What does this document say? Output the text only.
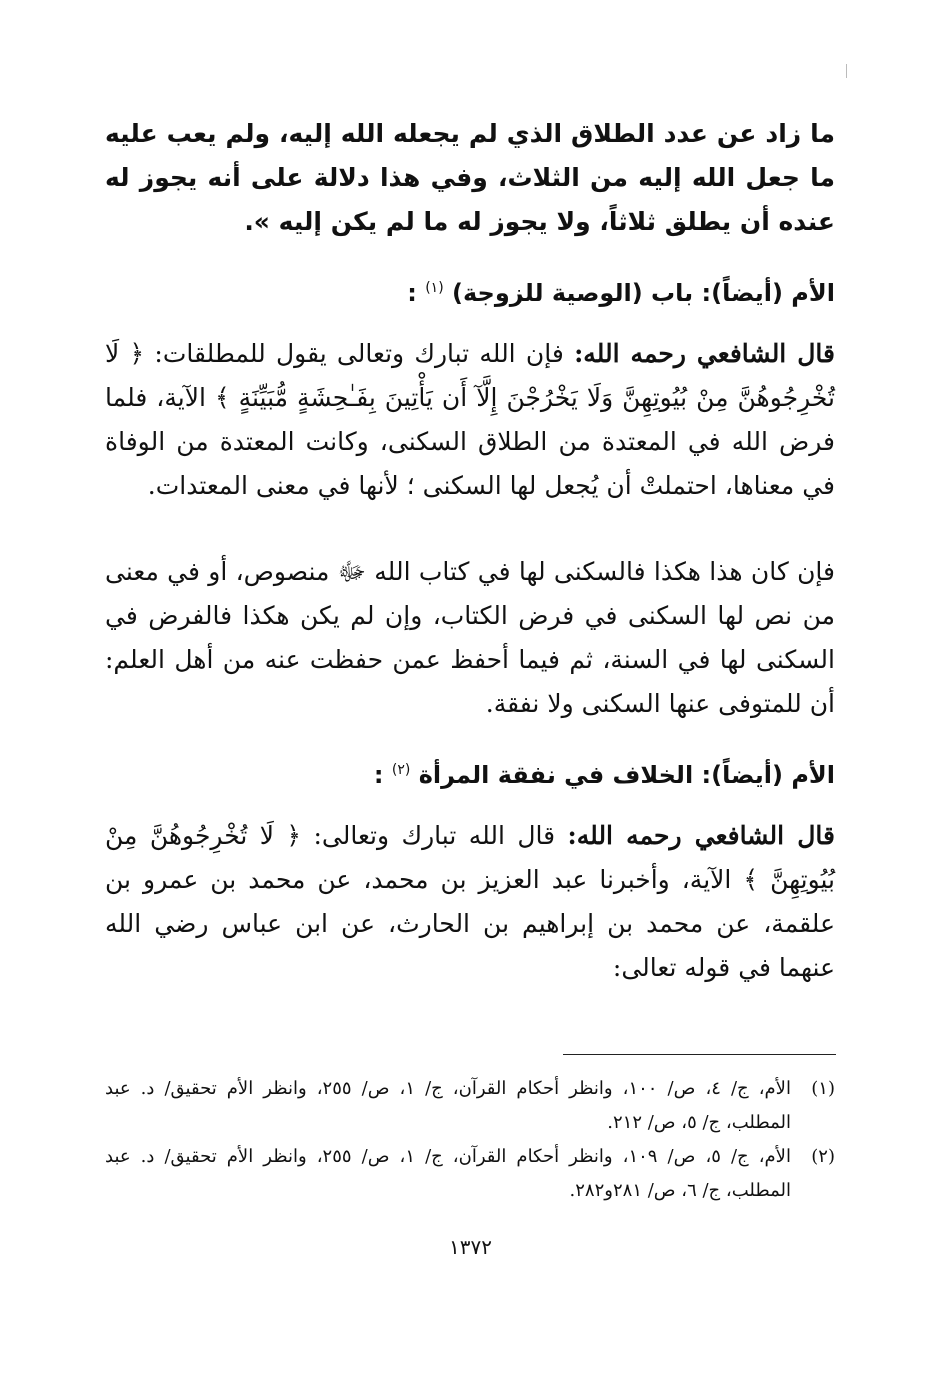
ما زاد عن عدد الطلاق الذي لم يجعله الله إليه، ولم يعب عليه ما جعل الله إليه من الثلاث، وفي هذا دلالة على أنه يجوز له عنده أن يطلق ثلاثاً، ولا يجوز له ما لم يكن إليه ».

الأم (أيضاً): باب (الوصية للزوجة) $^{(١)}$ :

قال الشافعي رحمه الله: فإن الله تبارك وتعالى يقول للمطلقات: ﴿ لَا تُخْرِجُوهُنَّ مِنْ بُيُوتِهِنَّ وَلَا يَخْرُجْنَ إِلَّآ أَن يَأْتِينَ بِفَـٰحِشَةٍ مُّبَيِّنَةٍ ﴾ الآية، فلما فرض الله في المعتدة من الطلاق السكنى، وكانت المعتدة من الوفاة في معناها، احتملتْ أن يُجعل لها السكنى ؛ لأنها في معنى المعتدات.

فإن كان هذا هكذا فالسكنى لها في كتاب الله ﷻ منصوص، أو في معنى من نص لها السكنى في فرض الكتاب، وإن لم يكن هكذا فالفرض في السكنى لها في السنة، ثم فيما أحفظ عمن حفظت عنه من أهل العلم: أن للمتوفى عنها السكنى ولا نفقة.

الأم (أيضاً): الخلاف في نفقة المرأة $^{(٢)}$ :

قال الشافعي رحمه الله: قال الله تبارك وتعالى: ﴿ لَا تُخْرِجُوهُنَّ مِنْ بُيُوتِهِنَّ ﴾ الآية، وأخبرنا عبد العزيز بن محمد، عن محمد بن عمرو بن علقمة، عن محمد بن إبراهيم بن الحارث، عن ابن عباس رضي الله عنهما في قوله تعالى:

(١)
الأم، ج/ ٤، ص/ ١٠٠، وانظر أحكام القرآن، ج/ ١، ص/ ٢٥٥، وانظر الأم تحقيق/ د. عبد المطلب، ج/ ٥، ص/ ٢١٢.
(٢)
الأم، ج/ ٥، ص/ ١٠٩، وانظر أحكام القرآن، ج/ ١، ص/ ٢٥٥، وانظر الأم تحقيق/ د. عبد المطلب، ج/ ٦، ص/ ٢٨١و٢٨٢.
١٣٧٢
